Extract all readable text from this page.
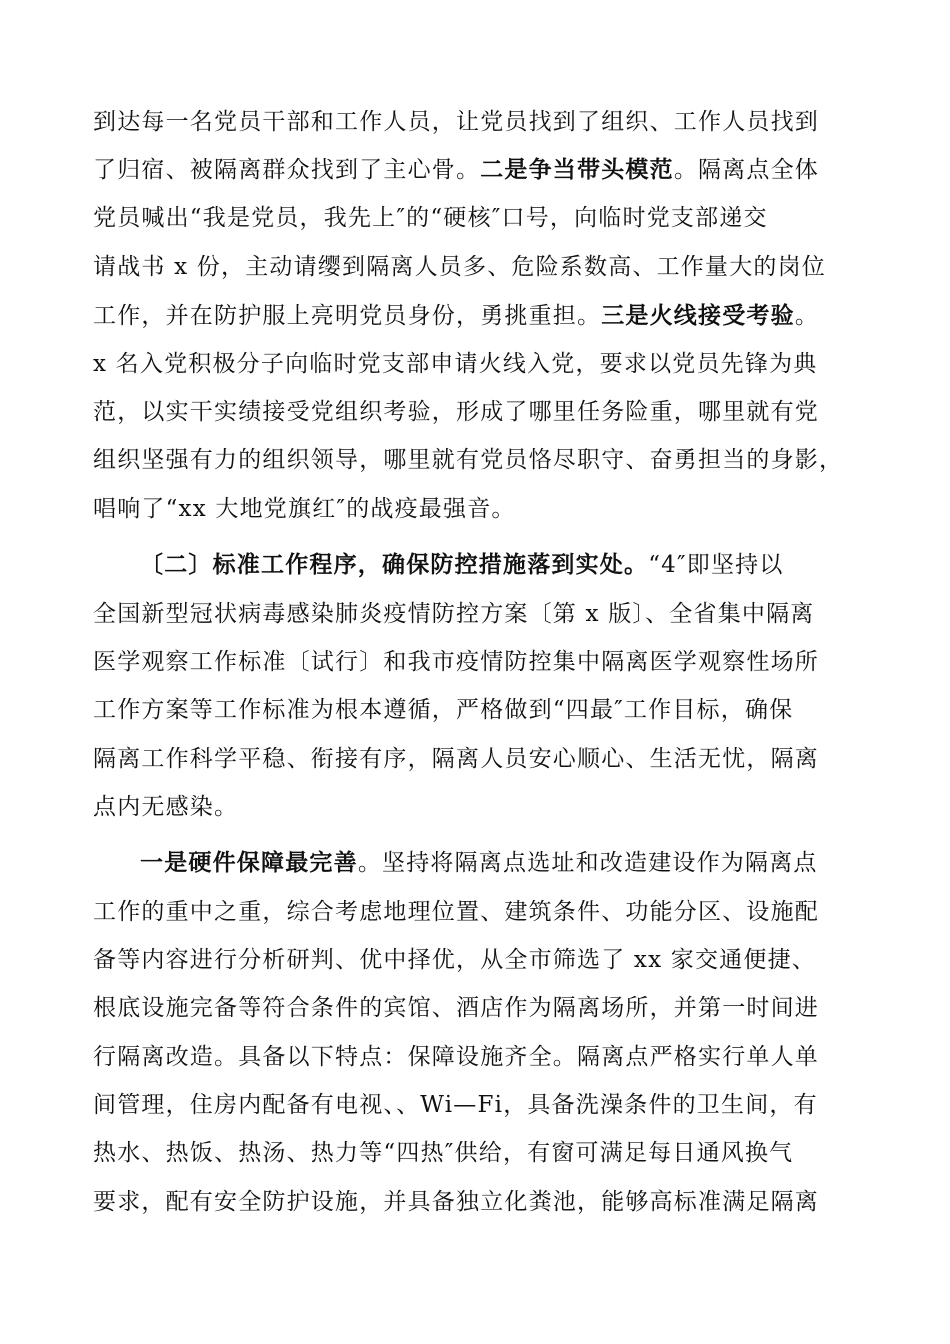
到达每一名党员干部和工作人员，让党员找到了组织、工作人员找到
了归宿、被隔离群众找到了主心骨。二是争当带头模范。隔离点全体
党员喊出“我是党员，我先上″的“硬核″口号，向临时党支部递交
请战书 x 份，主动请缨到隔离人员多、危险系数高、工作量大的岗位
工作，并在防护服上亮明党员身份，勇挑重担。三是火线接受考验。
x 名入党积极分子向临时党支部申请火线入党，要求以党员先锋为典
范，以实干实绩接受党组织考验，形成了哪里任务险重，哪里就有党
组织坚强有力的组织领导，哪里就有党员恪尽职守、奋勇担当的身影，
唱响了“xx 大地党旗红″的战疫最强音。
〔二〕标准工作程序，确保防控措施落到实处。“4″即坚持以
全国新型冠状病毒感染肺炎疫情防控方案〔第 x 版〕、全省集中隔离
医学观察工作标准〔试行〕和我市疫情防控集中隔离医学观察性场所
工作方案等工作标准为根本遵循，严格做到“四最″工作目标，确保
隔离工作科学平稳、衔接有序，隔离人员安心顺心、生活无忧，隔离
点内无感染。
一是硬件保障最完善。坚持将隔离点选址和改造建设作为隔离点
工作的重中之重，综合考虑地理位置、建筑条件、功能分区、设施配
备等内容进行分析研判、优中择优，从全市筛选了 xx 家交通便捷、
根底设施完备等符合条件的宾馆、酒店作为隔离场所，并第一时间进
行隔离改造。具备以下特点：保障设施齐全。隔离点严格实行单人单
间管理，住房内配备有电视、、Wi—Fi，具备洗澡条件的卫生间，有
热水、热饭、热汤、热力等“四热″供给，有窗可满足每日通风换气
要求，配有安全防护设施，并具备独立化粪池，能够高标准满足隔离
